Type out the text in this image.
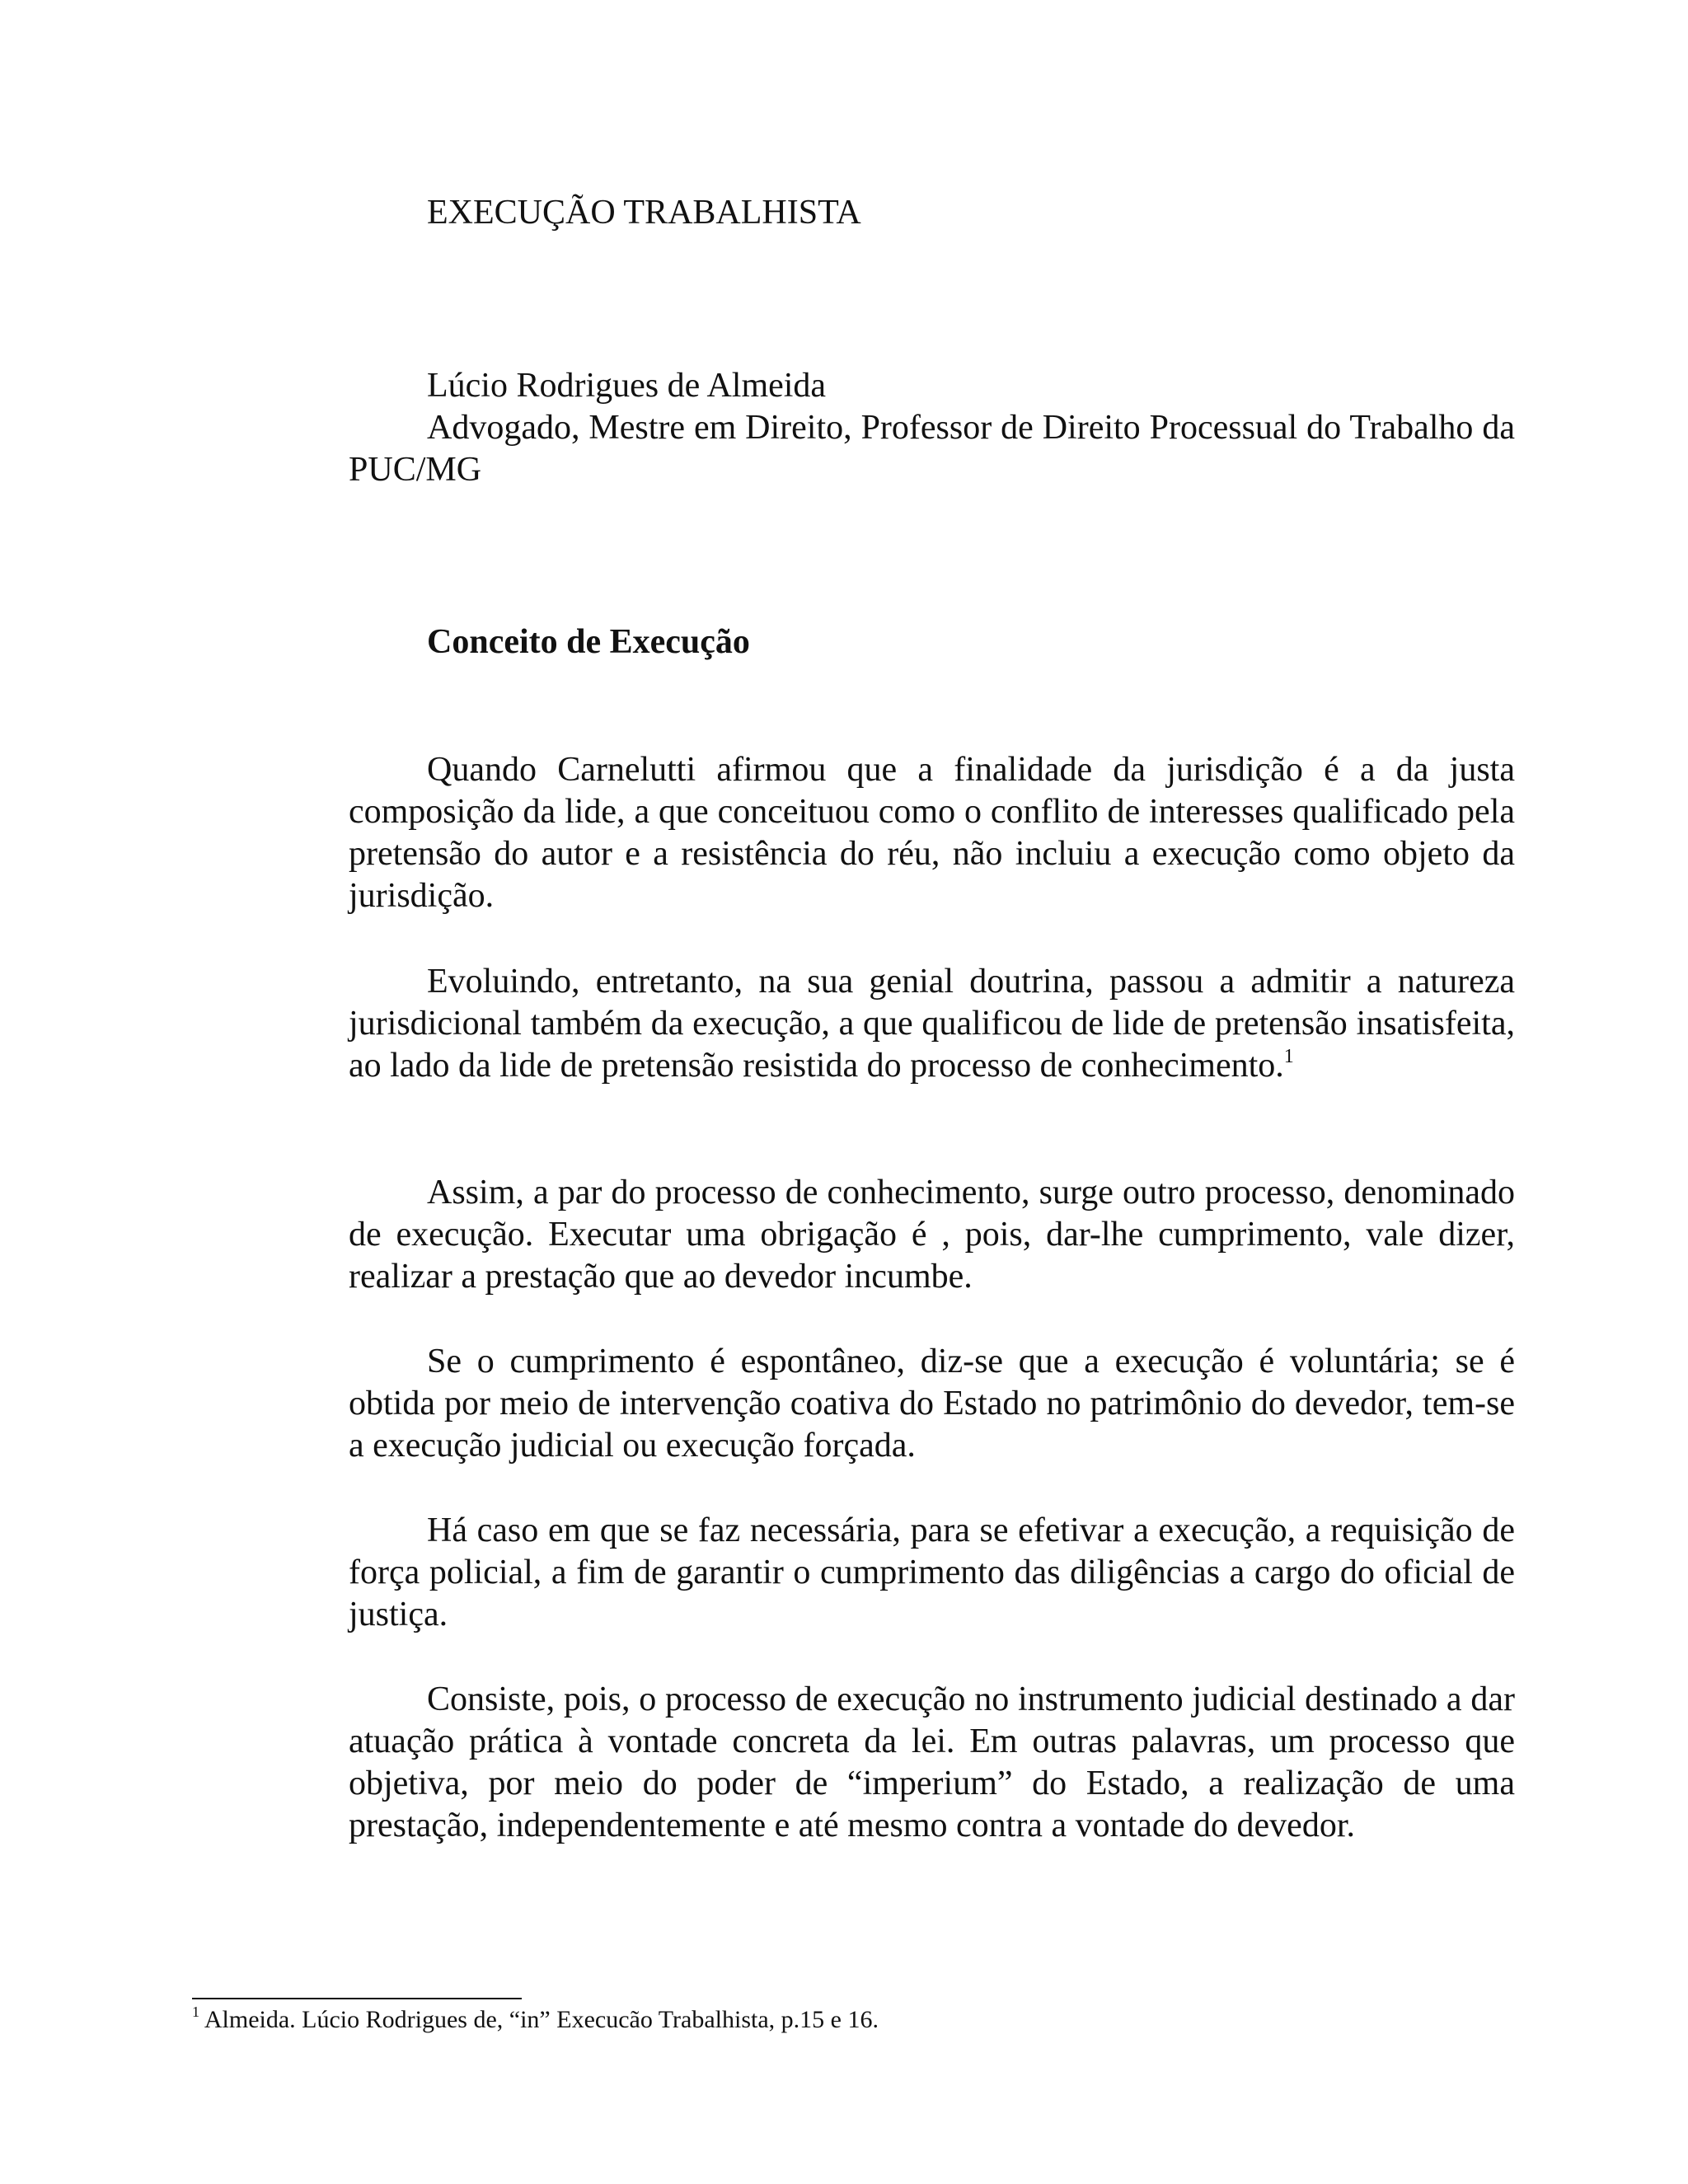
EXECUÇÃO TRABALHISTA
Lúcio Rodrigues de Almeida
Advogado, Mestre em Direito, Professor de Direito Processual do Trabalho da PUC/MG
Conceito de Execução
Quando Carnelutti afirmou que a finalidade da jurisdição é a da justa composição da lide, a que conceituou como o conflito de interesses qualificado pela pretensão do autor e a resistência do réu, não incluiu a execução como objeto da jurisdição.
Evoluindo, entretanto, na sua genial doutrina, passou a admitir a natureza jurisdicional também da execução, a que qualificou de lide de pretensão insatisfeita, ao lado da lide de pretensão resistida do processo de conhecimento.$^1$
Assim, a par do processo de conhecimento, surge outro processo, denominado de execução. Executar uma obrigação é , pois, dar-lhe cumprimento, vale dizer, realizar a prestação que ao devedor incumbe.
Se o cumprimento é espontâneo, diz-se que a execução é voluntária; se é obtida por meio de intervenção coativa do Estado no patrimônio do devedor, tem-se a execução judicial ou execução forçada.
Há caso em que se faz necessária, para se efetivar a execução, a requisição de força policial, a fim de garantir o cumprimento das diligências a cargo do oficial de justiça.
Consiste, pois, o processo de execução no instrumento judicial destinado a dar atuação prática à vontade concreta da lei. Em outras palavras, um processo que objetiva, por meio do poder de “imperium” do Estado, a realização de uma prestação, independentemente e até mesmo contra a vontade do devedor.
$^1$ Almeida. Lúcio Rodrigues de, “in” Execucão Trabalhista, p.15 e 16.
